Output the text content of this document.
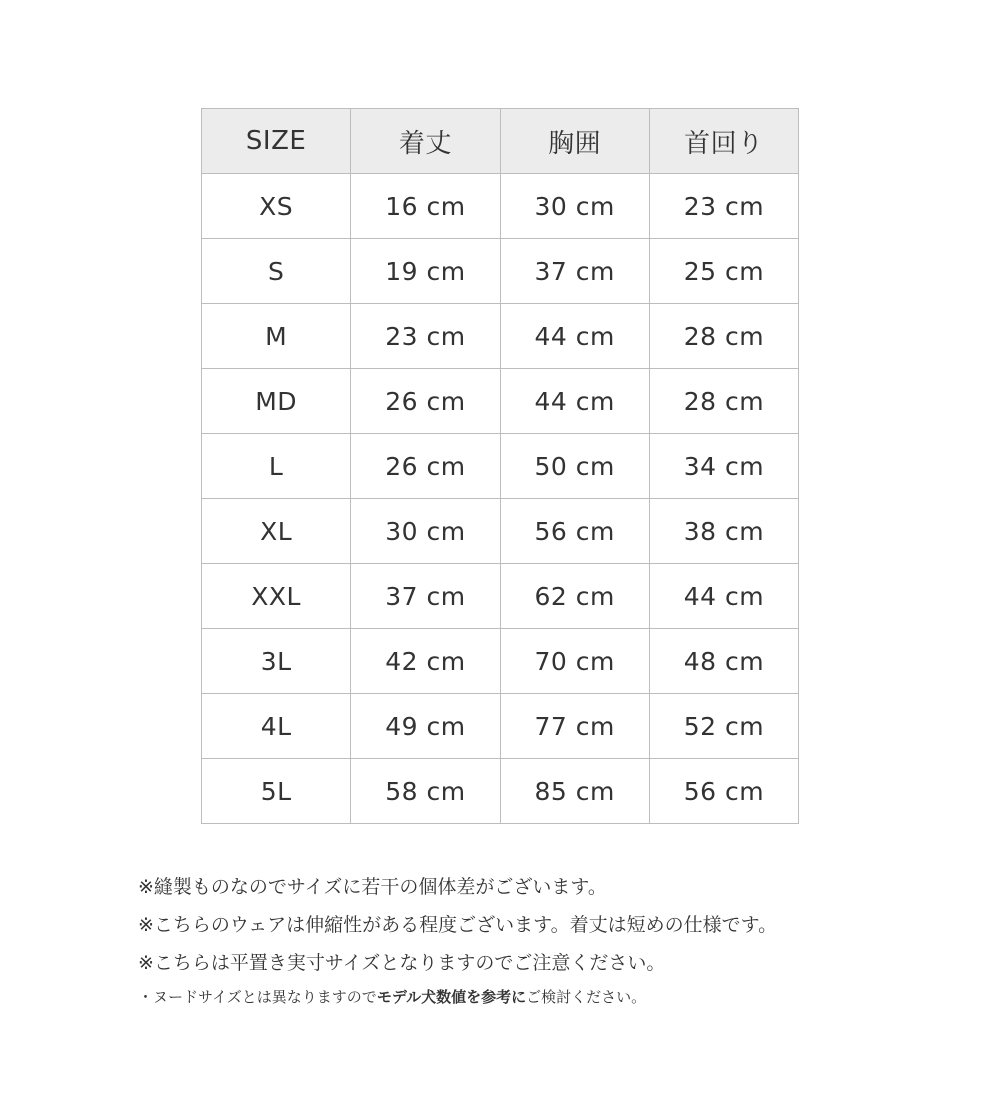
SIZE	着丈	胸囲	首回り
XS	16 cm	30 cm	23 cm
S	19 cm	37 cm	25 cm
M	23 cm	44 cm	28 cm
MD	26 cm	44 cm	28 cm
L	26 cm	50 cm	34 cm
XL	30 cm	56 cm	38 cm
XXL	37 cm	62 cm	44 cm
3L	42 cm	70 cm	48 cm
4L	49 cm	77 cm	52 cm
5L	58 cm	85 cm	56 cm
※縫製ものなのでサイズに若干の個体差がございます。
※こちらのウェアは伸縮性がある程度ございます。着丈は短めの仕様です。
※こちらは平置き実寸サイズとなりますのでご注意ください。
・ヌードサイズとは異なりますのでモデル犬数値を参考にご検討ください。
